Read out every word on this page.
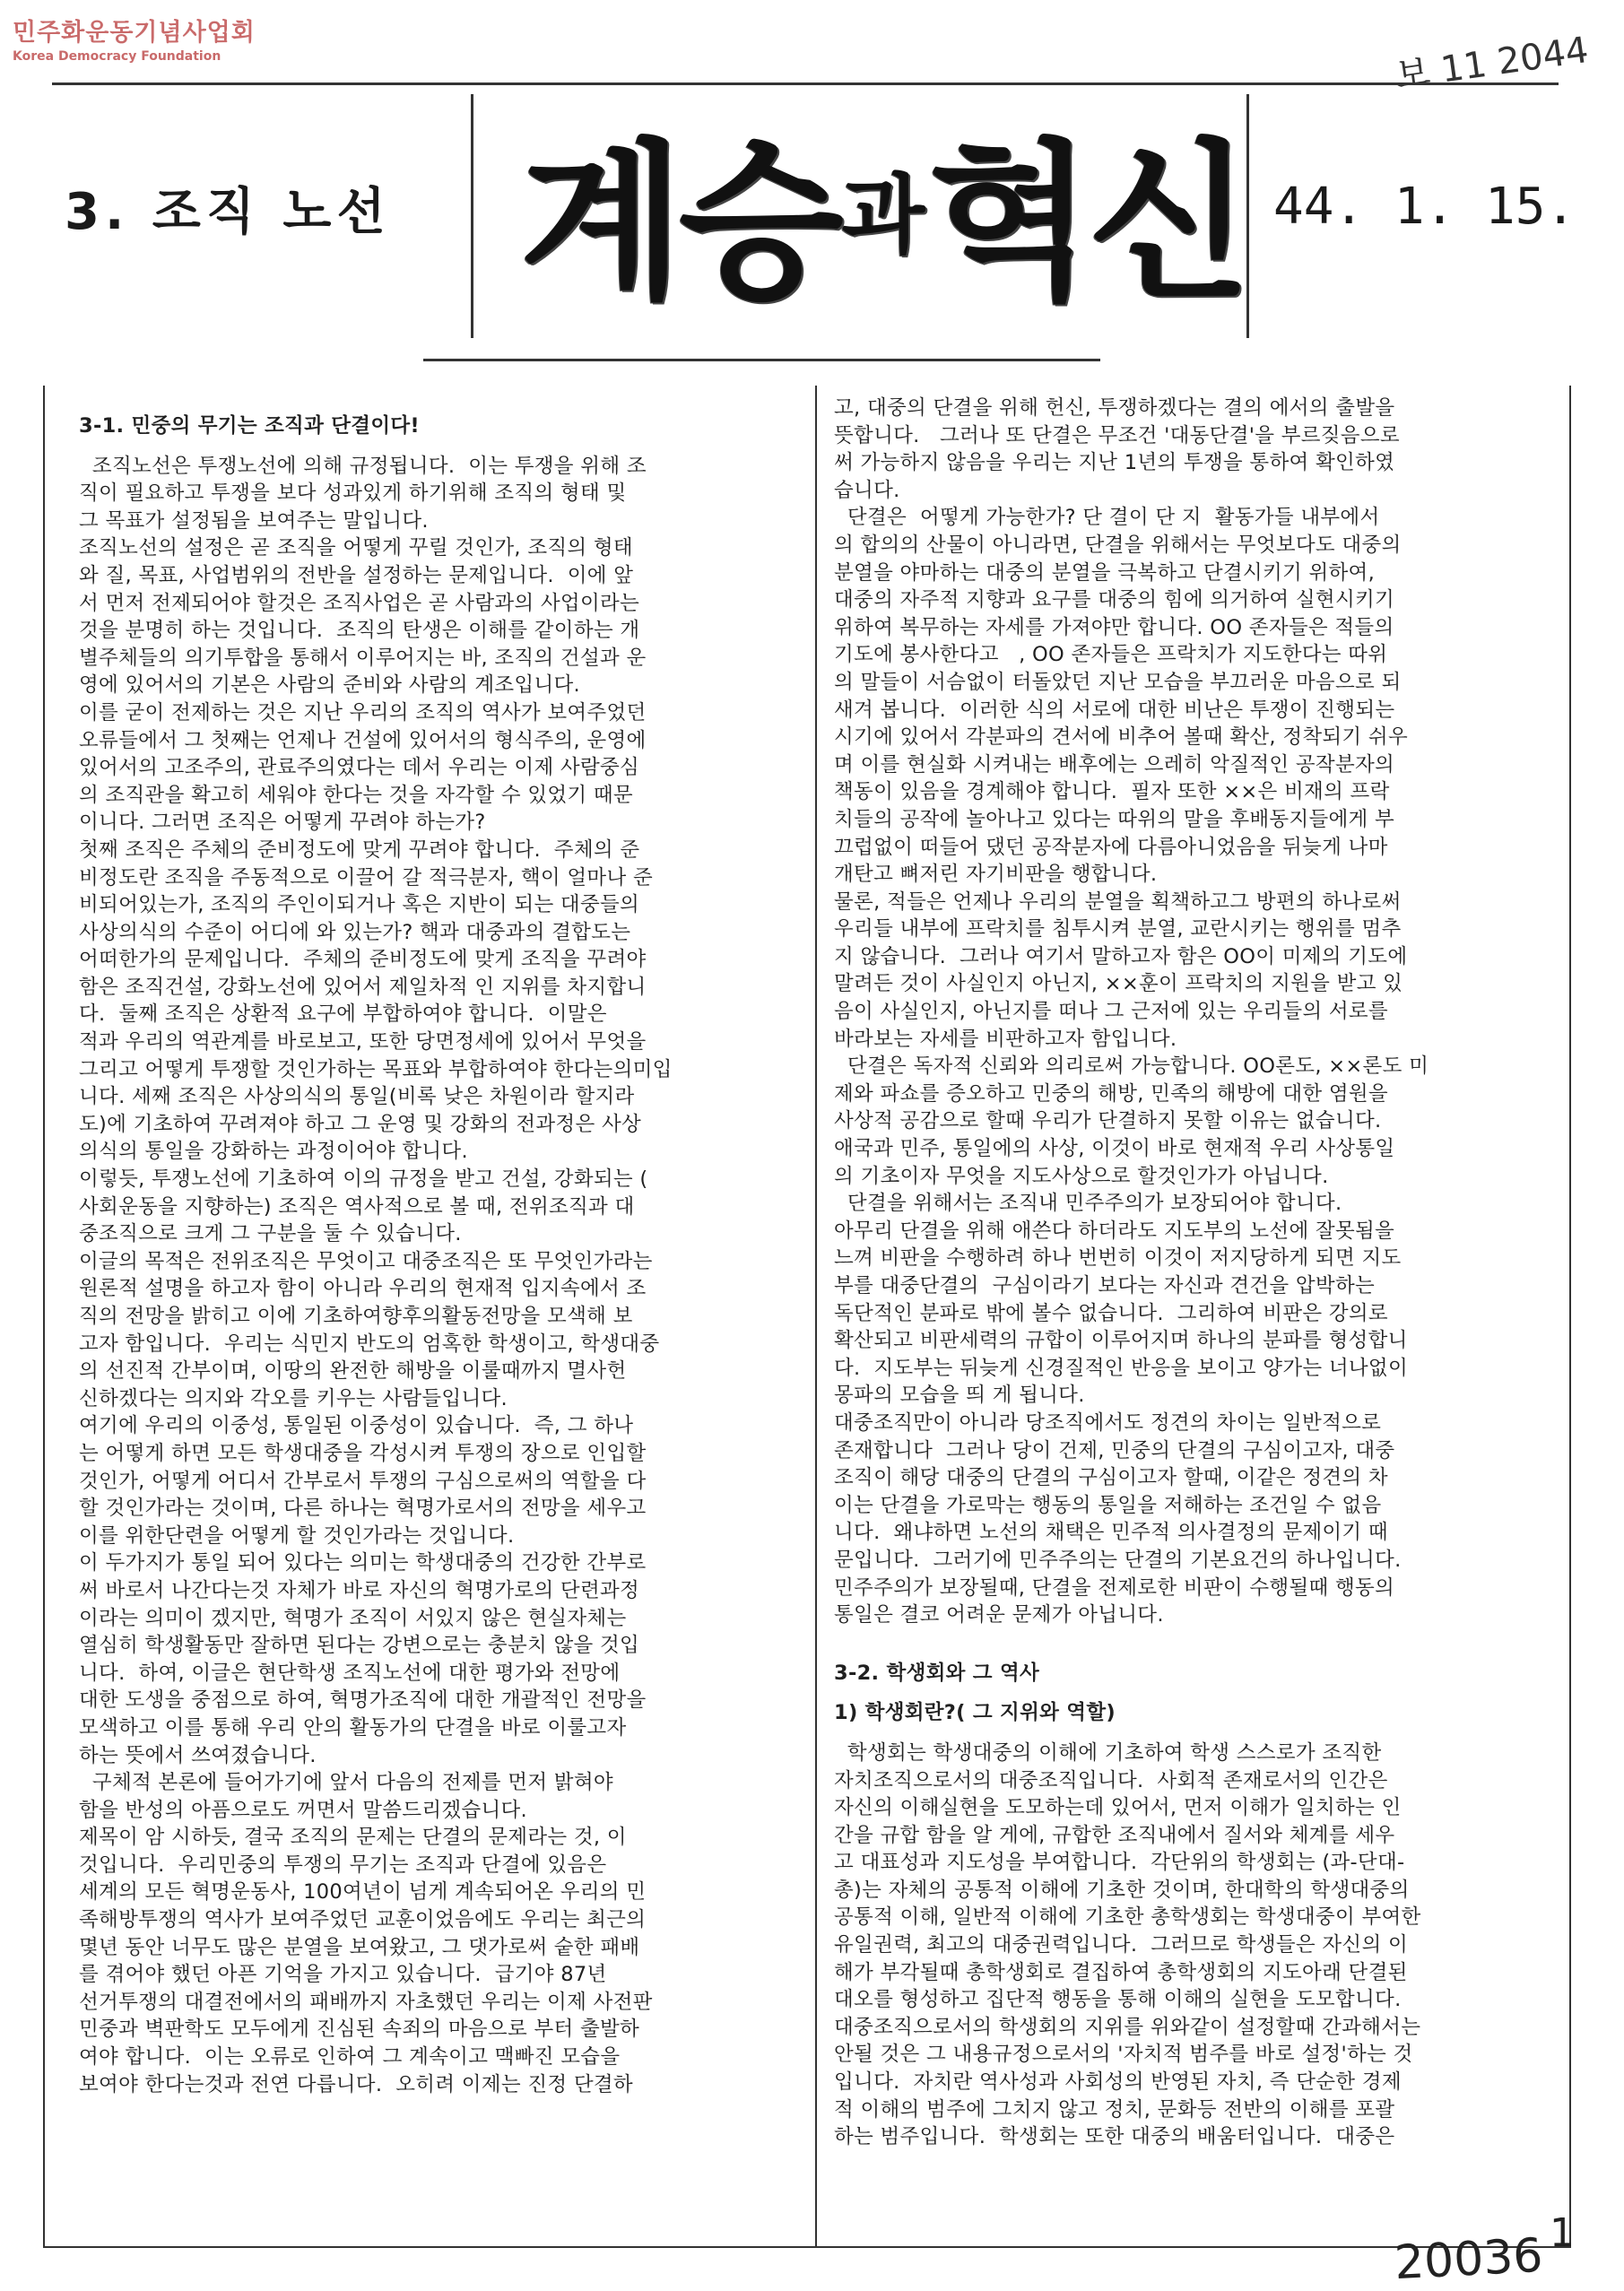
민주화운동기념사업회
Korea Democracy Foundation	보 11 2044
3. 조직 노선 계승 과 혁신 44. 1. 15.

3-1. 민중의 무기는 조직과 단결이다!

조직노선은 투쟁노선에 의해 규정됩니다.  이는 투쟁을 위해 조

직이 필요하고 투쟁을 보다 성과있게 하기위해 조직의 형태 및

그 목표가 설정됨을 보여주는 말입니다.

조직노선의 설정은 곧 조직을 어떻게 꾸릴 것인가, 조직의 형태

와 질, 목표, 사업범위의 전반을 설정하는 문제입니다.  이에 앞

서 먼저 전제되어야 할것은 조직사업은 곧 사람과의 사업이라는

것을 분명히 하는 것입니다.  조직의 탄생은 이해를 같이하는 개

별주체들의 의기투합을 통해서 이루어지는 바, 조직의 건설과 운

영에 있어서의 기본은 사람의 준비와 사람의 계조입니다.

이를 굳이 전제하는 것은 지난 우리의 조직의 역사가 보여주었던

오류들에서 그 첫째는 언제나 건설에 있어서의 형식주의, 운영에

있어서의 고조주의, 관료주의였다는 데서 우리는 이제 사람중심

의 조직관을 확고히 세워야 한다는 것을 자각할 수 있었기 때문

이니다. 그러면 조직은 어떻게 꾸려야 하는가?

첫째 조직은 주체의 준비정도에 맞게 꾸려야 합니다.  주체의 준

비정도란 조직을 주동적으로 이끌어 갈 적극분자, 핵이 얼마나 준

비되어있는가, 조직의 주인이되거나 혹은 지반이 되는 대중들의

사상의식의 수준이 어디에 와 있는가? 핵과 대중과의 결합도는

어떠한가의 문제입니다.  주체의 준비정도에 맞게 조직을 꾸려야

함은 조직건설, 강화노선에 있어서 제일차적 인 지위를 차지합니

다.  둘째 조직은 상환적 요구에 부합하여야 합니다.  이말은

적과 우리의 역관계를 바로보고, 또한 당면정세에 있어서 무엇을

그리고 어떻게 투쟁할 것인가하는 목표와 부합하여야 한다는의미입

니다. 세째 조직은 사상의식의 통일(비록 낮은 차원이라 할지라

도)에 기초하여 꾸려져야 하고 그 운영 및 강화의 전과정은 사상

의식의 통일을 강화하는 과정이어야 합니다.

이렇듯, 투쟁노선에 기초하여 이의 규정을 받고 건설, 강화되는 (

사회운동을 지향하는) 조직은 역사적으로 볼 때, 전위조직과 대

중조직으로 크게 그 구분을 둘 수 있습니다.

이글의 목적은 전위조직은 무엇이고 대중조직은 또 무엇인가라는

원론적 설명을 하고자 함이 아니라 우리의 현재적 입지속에서 조

직의 전망을 밝히고 이에 기초하여향후의활동전망을 모색해 보

고자 함입니다.  우리는 식민지 반도의 엄혹한 학생이고, 학생대중

의 선진적 간부이며, 이땅의 완전한 해방을 이룰때까지 멸사헌

신하겠다는 의지와 각오를 키우는 사람들입니다.

여기에 우리의 이중성, 통일된 이중성이 있습니다.  즉, 그 하나

는 어떻게 하면 모든 학생대중을 각성시켜 투쟁의 장으로 인입할

것인가, 어떻게 어디서 간부로서 투쟁의 구심으로써의 역할을 다

할 것인가라는 것이며, 다른 하나는 혁명가로서의 전망을 세우고

이를 위한단련을 어떻게 할 것인가라는 것입니다.

이 두가지가 통일 되어 있다는 의미는 학생대중의 건강한 간부로

써 바로서 나간다는것 자체가 바로 자신의 혁명가로의 단련과정

이라는 의미이 겠지만, 혁명가 조직이 서있지 않은 현실자체는

열심히 학생활동만 잘하면 된다는 강변으로는 충분치 않을 것입

니다.  하여, 이글은 현단학생 조직노선에 대한 평가와 전망에

대한 도생을 중점으로 하여, 혁명가조직에 대한 개괄적인 전망을

모색하고 이를 통해 우리 안의 활동가의 단결을 바로 이룰고자

하는 뜻에서 쓰여졌습니다.

구체적 본론에 들어가기에 앞서 다음의 전제를 먼저 밝혀야

함을 반성의 아픔으로도 꺼면서 말씀드리겠습니다.

제목이 암 시하듯, 결국 조직의 문제는 단결의 문제라는 것, 이

것입니다.  우리민중의 투쟁의 무기는 조직과 단결에 있음은

세계의 모든 혁명운동사, 100여년이 넘게 계속되어온 우리의 민

족해방투쟁의 역사가 보여주었던 교훈이었음에도 우리는 최근의

몇년 동안 너무도 많은 분열을 보여왔고, 그 댓가로써 숱한 패배

를 겪어야 했던 아픈 기억을 가지고 있습니다.  급기야 87년

선거투쟁의 대결전에서의 패배까지 자초했던 우리는 이제 사전판

민중과 벽판학도 모두에게 진심된 속죄의 마음으로 부터 출발하

여야 합니다.  이는 오류로 인하여 그 계속이고 맥빠진 모습을

보여야 한다는것과 전연 다릅니다.  오히려 이제는 진정 단결하

고, 대중의 단결을 위해 헌신, 투쟁하겠다는 결의 에서의 출발을

뜻합니다.   그러나 또 단결은 무조건 '대동단결'을 부르짖음으로

써 가능하지 않음을 우리는 지난 1년의 투쟁을 통하여 확인하였

습니다.

단결은  어떻게 가능한가? 단 결이 단 지  활동가들 내부에서

의 합의의 산물이 아니라면, 단결을 위해서는 무엇보다도 대중의

분열을 야마하는 대중의 분열을 극복하고 단결시키기 위하여,

대중의 자주적 지향과 요구를 대중의 힘에 의거하여 실현시키기

위하여 복무하는 자세를 가져야만 합니다. OO 존자들은 적들의

기도에 봉사한다고   , OO 존자들은 프락치가 지도한다는 따위

의 말들이 서슴없이 터돌았던 지난 모습을 부끄러운 마음으로 되

새겨 봅니다.  이러한 식의 서로에 대한 비난은 투쟁이 진행되는

시기에 있어서 각분파의 견서에 비추어 볼때 확산, 정착되기 쉬우

며 이를 현실화 시켜내는 배후에는 으레히 악질적인 공작분자의

책동이 있음을 경계해야 합니다.  필자 또한 ××은 비재의 프락

치들의 공작에 놀아나고 있다는 따위의 말을 후배동지들에게 부

끄럽없이 떠들어 댔던 공작분자에 다름아니었음을 뒤늦게 나마

개탄고 뼈저린 자기비판을 행합니다.

물론, 적들은 언제나 우리의 분열을 획책하고그 방편의 하나로써

우리들 내부에 프락치를 침투시켜 분열, 교란시키는 행위를 멈추

지 않습니다.  그러나 여기서 말하고자 함은 OO이 미제의 기도에

말려든 것이 사실인지 아닌지, ××훈이 프락치의 지원을 받고 있

음이 사실인지, 아닌지를 떠나 그 근저에 있는 우리들의 서로를

바라보는 자세를 비판하고자 함입니다.

단결은 독자적 신뢰와 의리로써 가능합니다. OO론도, ××론도 미

제와 파쇼를 증오하고 민중의 해방, 민족의 해방에 대한 염원을

사상적 공감으로 할때 우리가 단결하지 못할 이유는 없습니다.

애국과 민주, 통일에의 사상, 이것이 바로 현재적 우리 사상통일

의 기초이자 무엇을 지도사상으로 할것인가가 아닙니다.

단결을 위해서는 조직내 민주주의가 보장되어야 합니다.

아무리 단결을 위해 애쓴다 하더라도 지도부의 노선에 잘못됨을

느껴 비판을 수행하려 하나 번번히 이것이 저지당하게 되면 지도

부를 대중단결의  구심이라기 보다는 자신과 견건을 압박하는

독단적인 분파로 밖에 볼수 없습니다.  그리하여 비판은 강의로

확산되고 비판세력의 규합이 이루어지며 하나의 분파를 형성합니

다.  지도부는 뒤늦게 신경질적인 반응을 보이고 양가는 너나없이

몽파의 모습을 띄 게 됩니다.

대중조직만이 아니라 당조직에서도 정견의 차이는 일반적으로

존재합니다  그러나 당이 건제, 민중의 단결의 구심이고자, 대중

조직이 해당 대중의 단결의 구심이고자 할때, 이같은 정견의 차

이는 단결을 가로막는 행동의 통일을 저해하는 조건일 수 없음

니다.  왜냐하면 노선의 채택은 민주적 의사결정의 문제이기 때

문입니다.  그러기에 민주주의는 단결의 기본요건의 하나입니다.

민주주의가 보장될때, 단결을 전제로한 비판이 수행될때 행동의

통일은 결코 어려운 문제가 아닙니다.

3-2. 학생회와 그 역사

1) 학생회란?( 그 지위와 역할)

학생회는 학생대중의 이해에 기초하여 학생 스스로가 조직한

자치조직으로서의 대중조직입니다.  사회적 존재로서의 인간은

자신의 이해실현을 도모하는데 있어서, 먼저 이해가 일치하는 인

간을 규합 함을 알 게에, 규합한 조직내에서 질서와 체계를 세우

고 대표성과 지도성을 부여합니다.  각단위의 학생회는 (과-단대-

총)는 자체의 공통적 이해에 기초한 것이며, 한대학의 학생대중의

공통적 이해, 일반적 이해에 기초한 총학생회는 학생대중이 부여한

유일권력, 최고의 대중권력입니다.  그러므로 학생들은 자신의 이

해가 부각될때 총학생회로 결집하여 총학생회의 지도아래 단결된

대오를 형성하고 집단적 행동을 통해 이해의 실현을 도모합니다.

대중조직으로서의 학생회의 지위를 위와같이 설정할때 간과해서는

안될 것은 그 내용규정으로서의 '자치적 범주를 바로 설정'하는 것

입니다.  자치란 역사성과 사회성의 반영된 자치, 즉 단순한 경제

적 이해의 범주에 그치지 않고 정치, 문화등 전반의 이해를 포괄

하는 범주입니다.  학생회는 또한 대중의 배움터입니다.  대중은

1
20036
